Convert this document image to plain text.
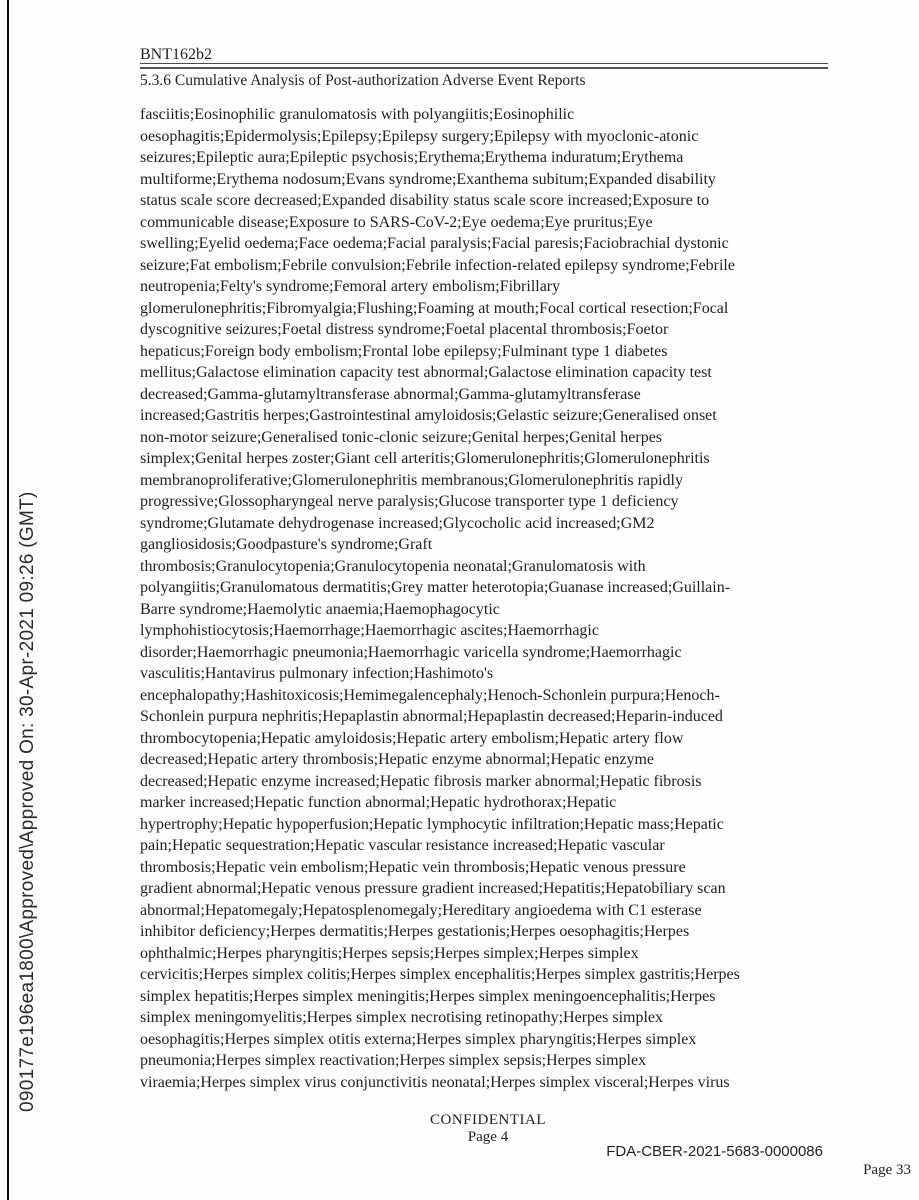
090177e196ea1800\Approved\Approved On: 30-Apr-2021 09:26 (GMT)
BNT162b2
5.3.6 Cumulative Analysis of Post-authorization Adverse Event Reports
fasciitis;Eosinophilic granulomatosis with polyangiitis;Eosinophilic
oesophagitis;Epidermolysis;Epilepsy;Epilepsy surgery;Epilepsy with myoclonic-atonic
seizures;Epileptic aura;Epileptic psychosis;Erythema;Erythema induratum;Erythema
multiforme;Erythema nodosum;Evans syndrome;Exanthema subitum;Expanded disability
status scale score decreased;Expanded disability status scale score increased;Exposure to
communicable disease;Exposure to SARS-CoV-2;Eye oedema;Eye pruritus;Eye
swelling;Eyelid oedema;Face oedema;Facial paralysis;Facial paresis;Faciobrachial dystonic
seizure;Fat embolism;Febrile convulsion;Febrile infection-related epilepsy syndrome;Febrile
neutropenia;Felty's syndrome;Femoral artery embolism;Fibrillary
glomerulonephritis;Fibromyalgia;Flushing;Foaming at mouth;Focal cortical resection;Focal
dyscognitive seizures;Foetal distress syndrome;Foetal placental thrombosis;Foetor
hepaticus;Foreign body embolism;Frontal lobe epilepsy;Fulminant type 1 diabetes
mellitus;Galactose elimination capacity test abnormal;Galactose elimination capacity test
decreased;Gamma-glutamyltransferase abnormal;Gamma-glutamyltransferase
increased;Gastritis herpes;Gastrointestinal amyloidosis;Gelastic seizure;Generalised onset
non-motor seizure;Generalised tonic-clonic seizure;Genital herpes;Genital herpes
simplex;Genital herpes zoster;Giant cell arteritis;Glomerulonephritis;Glomerulonephritis
membranoproliferative;Glomerulonephritis membranous;Glomerulonephritis rapidly
progressive;Glossopharyngeal nerve paralysis;Glucose transporter type 1 deficiency
syndrome;Glutamate dehydrogenase increased;Glycocholic acid increased;GM2
gangliosidosis;Goodpasture's syndrome;Graft
thrombosis;Granulocytopenia;Granulocytopenia neonatal;Granulomatosis with
polyangiitis;Granulomatous dermatitis;Grey matter heterotopia;Guanase increased;Guillain-
Barre syndrome;Haemolytic anaemia;Haemophagocytic
lymphohistiocytosis;Haemorrhage;Haemorrhagic ascites;Haemorrhagic
disorder;Haemorrhagic pneumonia;Haemorrhagic varicella syndrome;Haemorrhagic
vasculitis;Hantavirus pulmonary infection;Hashimoto's
encephalopathy;Hashitoxicosis;Hemimegalencephaly;Henoch-Schonlein purpura;Henoch-
Schonlein purpura nephritis;Hepaplastin abnormal;Hepaplastin decreased;Heparin-induced
thrombocytopenia;Hepatic amyloidosis;Hepatic artery embolism;Hepatic artery flow
decreased;Hepatic artery thrombosis;Hepatic enzyme abnormal;Hepatic enzyme
decreased;Hepatic enzyme increased;Hepatic fibrosis marker abnormal;Hepatic fibrosis
marker increased;Hepatic function abnormal;Hepatic hydrothorax;Hepatic
hypertrophy;Hepatic hypoperfusion;Hepatic lymphocytic infiltration;Hepatic mass;Hepatic
pain;Hepatic sequestration;Hepatic vascular resistance increased;Hepatic vascular
thrombosis;Hepatic vein embolism;Hepatic vein thrombosis;Hepatic venous pressure
gradient abnormal;Hepatic venous pressure gradient increased;Hepatitis;Hepatobiliary scan
abnormal;Hepatomegaly;Hepatosplenomegaly;Hereditary angioedema with C1 esterase
inhibitor deficiency;Herpes dermatitis;Herpes gestationis;Herpes oesophagitis;Herpes
ophthalmic;Herpes pharyngitis;Herpes sepsis;Herpes simplex;Herpes simplex
cervicitis;Herpes simplex colitis;Herpes simplex encephalitis;Herpes simplex gastritis;Herpes
simplex hepatitis;Herpes simplex meningitis;Herpes simplex meningoencephalitis;Herpes
simplex meningomyelitis;Herpes simplex necrotising retinopathy;Herpes simplex
oesophagitis;Herpes simplex otitis externa;Herpes simplex pharyngitis;Herpes simplex
pneumonia;Herpes simplex reactivation;Herpes simplex sepsis;Herpes simplex
viraemia;Herpes simplex virus conjunctivitis neonatal;Herpes simplex visceral;Herpes virus
CONFIDENTIAL
Page 4
FDA-CBER-2021-5683-0000086
Page 33
